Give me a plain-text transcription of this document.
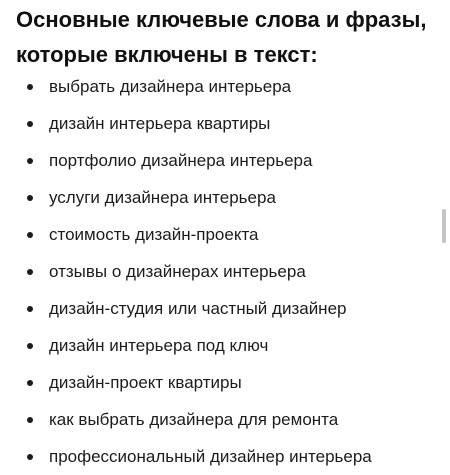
Основные ключевые слова и фразы, которые включены в текст:
выбрать дизайнера интерьера
дизайн интерьера квартиры
портфолио дизайнера интерьера
услуги дизайнера интерьера
стоимость дизайн-проекта
отзывы о дизайнерах интерьера
дизайн-студия или частный дизайнер
дизайн интерьера под ключ
дизайн-проект квартиры
как выбрать дизайнера для ремонта
профессиональный дизайнер интерьера
